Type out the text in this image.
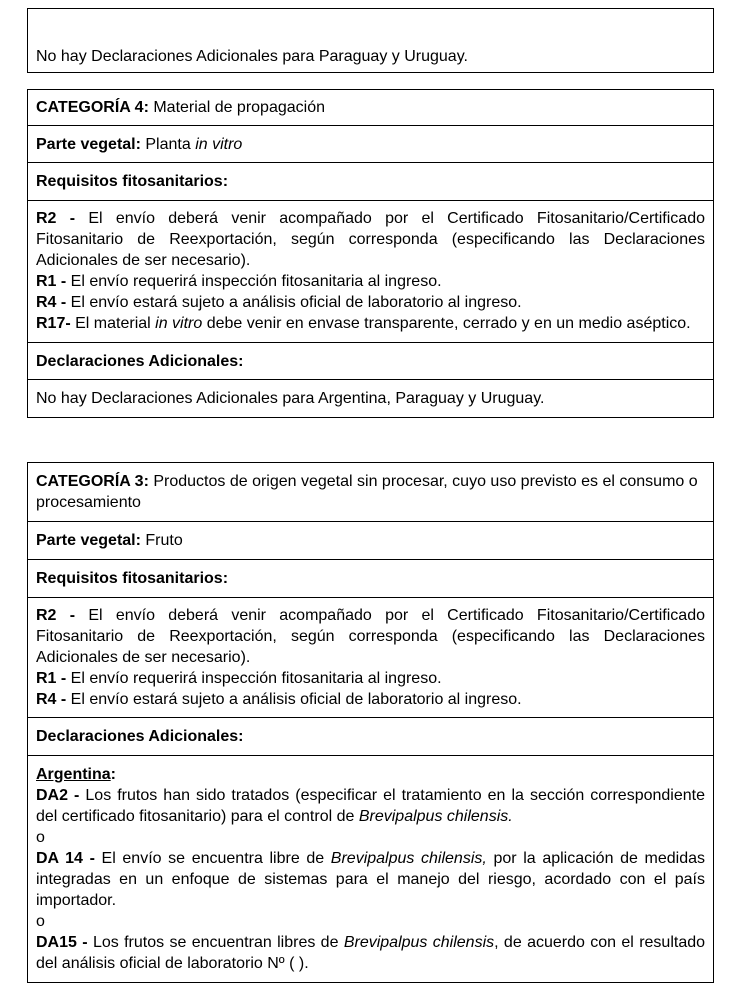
No hay Declaraciones Adicionales para Paraguay y Uruguay.
CATEGORÍA 4: Material de propagación
Parte vegetal: Planta in vitro
Requisitos fitosanitarios:

R2 - El envío deberá venir acompañado por el Certificado Fitosanitario/Certificado Fitosanitario de Reexportación, según corresponda (especificando las Declaraciones Adicionales de ser necesario).

R1 - El envío requerirá inspección fitosanitaria al ingreso.

R4 - El envío estará sujeto a análisis oficial de laboratorio al ingreso.

R17- El material in vitro debe venir en envase transparente, cerrado y en un medio aséptico.

Declaraciones Adicionales:
No hay Declaraciones Adicionales para Argentina, Paraguay y Uruguay.
CATEGORÍA 3: Productos de origen vegetal sin procesar, cuyo uso previsto es el consumo o procesamiento
Parte vegetal: Fruto
Requisitos fitosanitarios:

R2 - El envío deberá venir acompañado por el Certificado Fitosanitario/Certificado Fitosanitario de Reexportación, según corresponda (especificando las Declaraciones Adicionales de ser necesario).

R1 - El envío requerirá inspección fitosanitaria al ingreso.

R4 - El envío estará sujeto a análisis oficial de laboratorio al ingreso.

Declaraciones Adicionales:

Argentina:

DA2 - Los frutos han sido tratados (especificar el tratamiento en la sección correspondiente del certificado fitosanitario) para el control de Brevipalpus chilensis.

o

DA 14 - El envío se encuentra libre de Brevipalpus chilensis, por la aplicación de medidas integradas en un enfoque de sistemas para el manejo del riesgo, acordado con el país importador.

o

DA15 - Los frutos se encuentran libres de Brevipalpus chilensis, de acuerdo con el resultado del análisis oficial de laboratorio Nº ( ).
